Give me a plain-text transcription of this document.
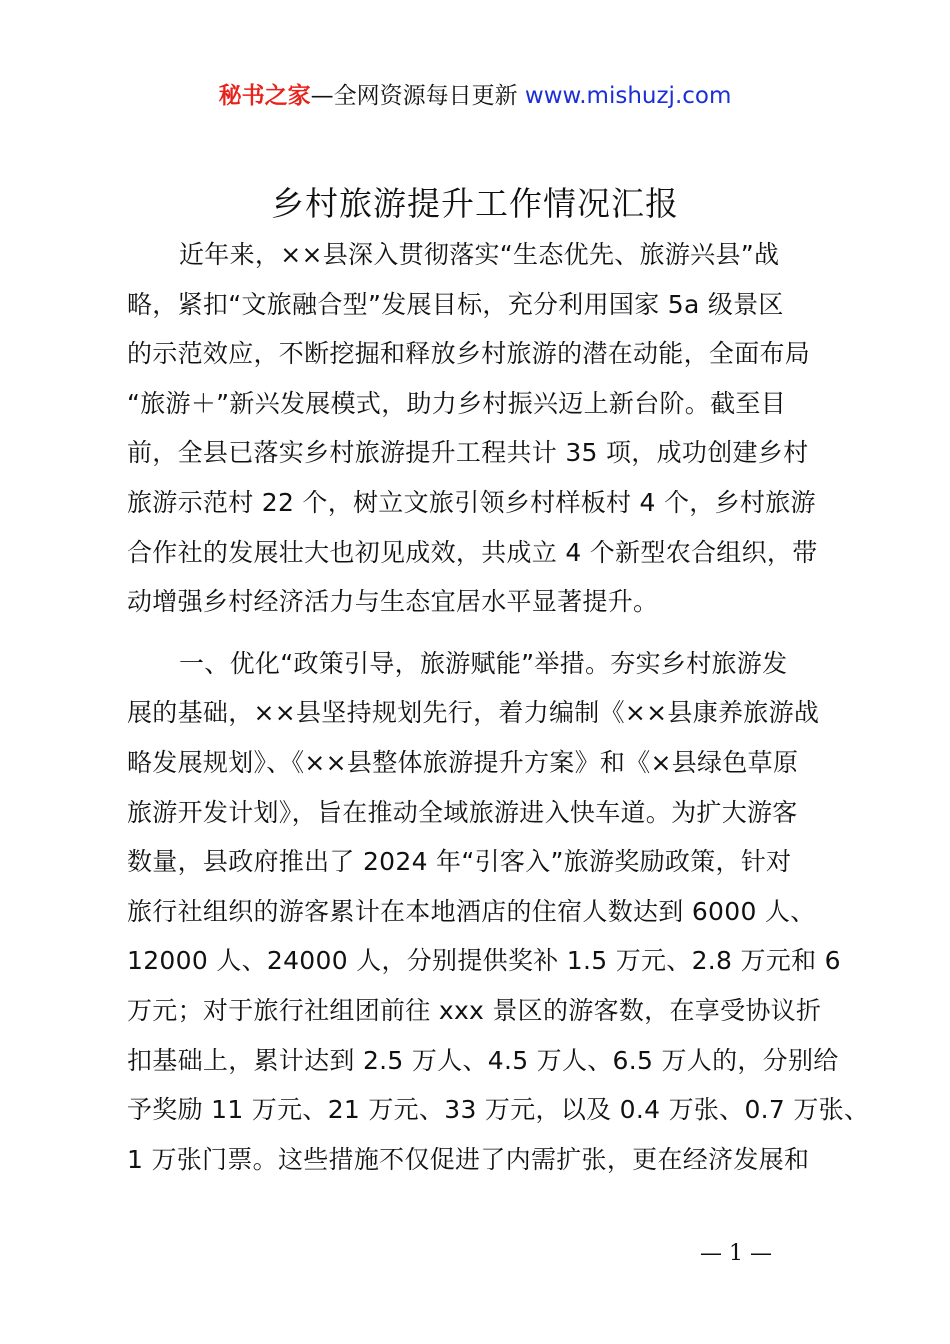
秘书之家—全网资源每日更新 www.mishuzj.com
乡村旅游提升工作情况汇报
近年来，××县深入贯彻落实“生态优先、旅游兴县”战
略，紧扣“文旅融合型”发展目标，充分利用国家 5a 级景区
的示范效应，不断挖掘和释放乡村旅游的潜在动能，全面布局
“旅游＋”新兴发展模式，助力乡村振兴迈上新台阶。截至目
前，全县已落实乡村旅游提升工程共计 35 项，成功创建乡村
旅游示范村 22 个，树立文旅引领乡村样板村 4 个，乡村旅游
合作社的发展壮大也初见成效，共成立 4 个新型农合组织，带
动增强乡村经济活力与生态宜居水平显著提升。
一、优化“政策引导，旅游赋能”举措。夯实乡村旅游发
展的基础，××县坚持规划先行，着力编制《××县康养旅游战
略发展规划》、《××县整体旅游提升方案》和《×县绿色草原
旅游开发计划》，旨在推动全域旅游进入快车道。为扩大游客
数量，县政府推出了 2024 年“引客入”旅游奖励政策，针对
旅行社组织的游客累计在本地酒店的住宿人数达到 6000 人、
12000 人、24000 人，分别提供奖补 1.5 万元、2.8 万元和 6
万元；对于旅行社组团前往 xxx 景区的游客数，在享受协议折
扣基础上，累计达到 2.5 万人、4.5 万人、6.5 万人的，分别给
予奖励 11 万元、21 万元、33 万元，以及 0.4 万张、0.7 万张、
1 万张门票。这些措施不仅促进了内需扩张，更在经济发展和
— 1 —
